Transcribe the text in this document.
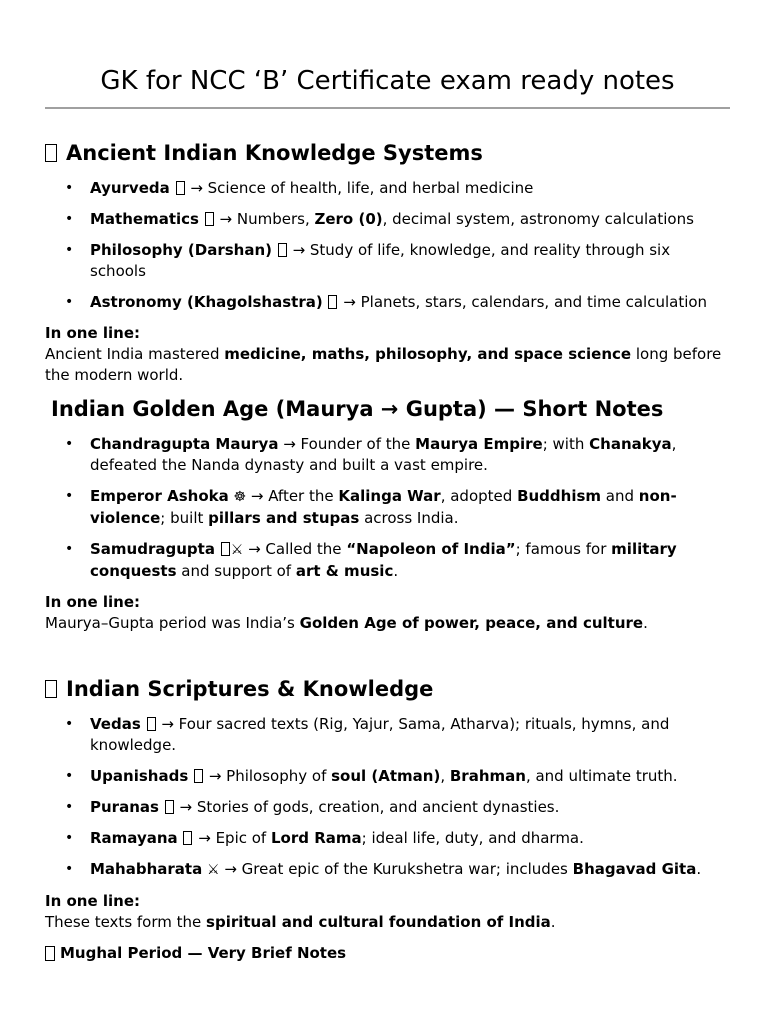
GK for NCC ‘B’ Certificate exam ready notes
Ancient Indian Knowledge Systems
• Ayurveda → Science of health, life, and herbal medicine
• Mathematics → Numbers, Zero (0), decimal system, astronomy calculations
• Philosophy (Darshan) → Study of life, knowledge, and reality through six schools
• Astronomy (Khagolshastra) → Planets, stars, calendars, and time calculation

In one line:

Ancient India mastered medicine, maths, philosophy, and space science long before the modern world.

Indian Golden Age (Maurya → Gupta) — Short Notes
• Chandragupta Maurya → Founder of the Maurya Empire; with Chanakya, defeated the Nanda dynasty and built a vast empire.
• Emperor Ashoka ☸ → After the Kalinga War, adopted Buddhism and non-violence; built pillars and stupas across India.
• Samudragupta ⚔ → Called the “Napoleon of India”; famous for military conquests and support of art & music.

In one line:

Maurya–Gupta period was India’s Golden Age of power, peace, and culture.

Indian Scriptures & Knowledge
• Vedas → Four sacred texts (Rig, Yajur, Sama, Atharva); rituals, hymns, and knowledge.
• Upanishads → Philosophy of soul (Atman), Brahman, and ultimate truth.
• Puranas → Stories of gods, creation, and ancient dynasties.
• Ramayana → Epic of Lord Rama; ideal life, duty, and dharma.
• Mahabharata ⚔ → Great epic of the Kurukshetra war; includes Bhagavad Gita.

In one line:

These texts form the spiritual and cultural foundation of India.

Mughal Period — Very Brief Notes
